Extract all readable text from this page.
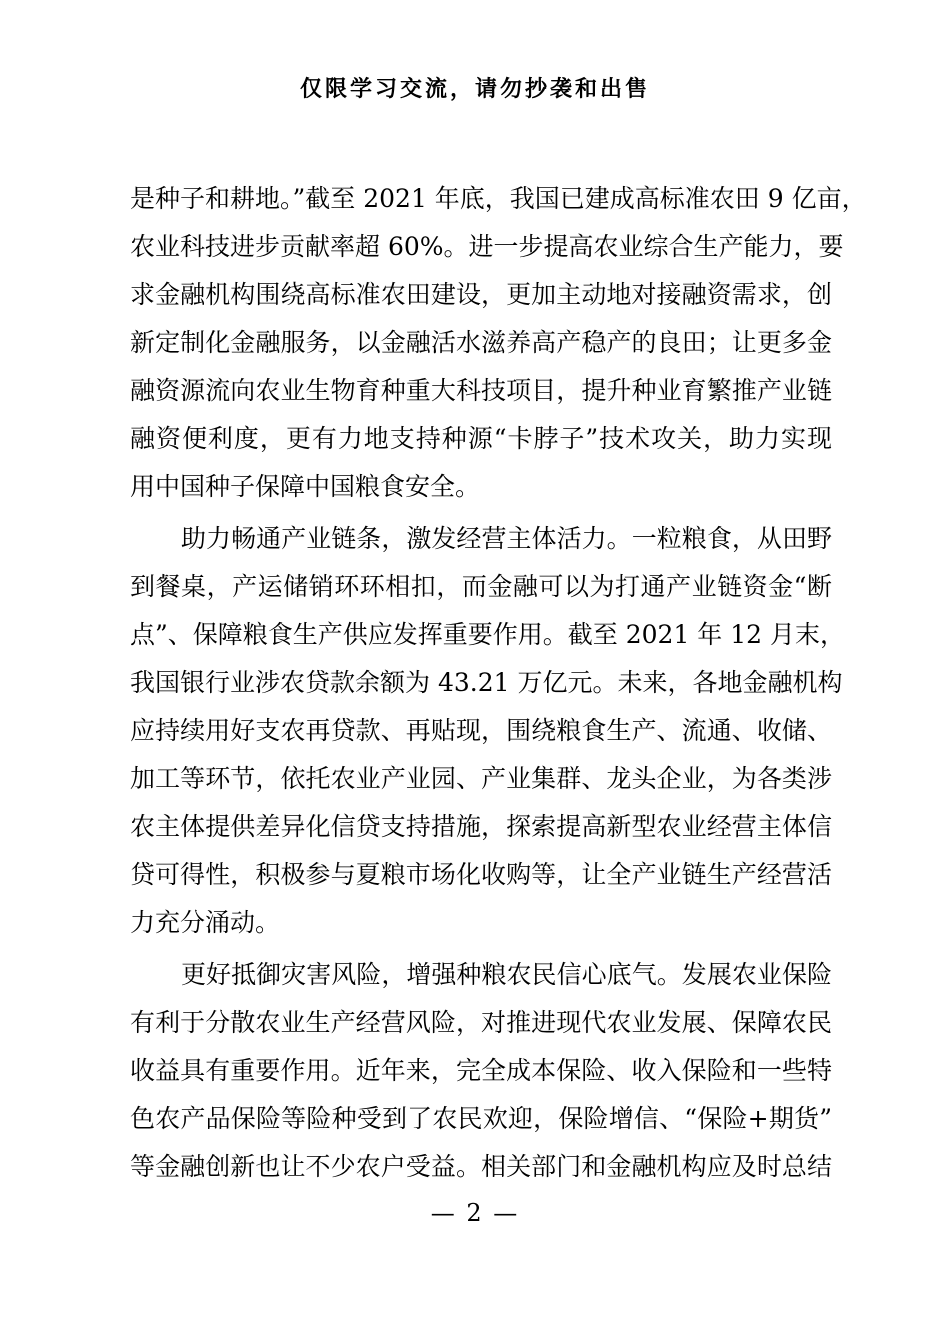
仅限学习交流，请勿抄袭和出售
是种子和耕地。”截至 2021 年底，我国已建成高标准农田 9 亿亩，
农业科技进步贡献率超 60%。进一步提高农业综合生产能力，要
求金融机构围绕高标准农田建设，更加主动地对接融资需求，创
新定制化金融服务，以金融活水滋养高产稳产的良田；让更多金
融资源流向农业生物育种重大科技项目，提升种业育繁推产业链
融资便利度，更有力地支持种源“卡脖子”技术攻关，助力实现
用中国种子保障中国粮食安全。
助力畅通产业链条，激发经营主体活力。一粒粮食，从田野
到餐桌，产运储销环环相扣，而金融可以为打通产业链资金“断
点”、保障粮食生产供应发挥重要作用。截至 2021 年 12 月末，
我国银行业涉农贷款余额为 43.21 万亿元。未来，各地金融机构
应持续用好支农再贷款、再贴现，围绕粮食生产、流通、收储、
加工等环节，依托农业产业园、产业集群、龙头企业，为各类涉
农主体提供差异化信贷支持措施，探索提高新型农业经营主体信
贷可得性，积极参与夏粮市场化收购等，让全产业链生产经营活
力充分涌动。
更好抵御灾害风险，增强种粮农民信心底气。发展农业保险
有利于分散农业生产经营风险，对推进现代农业发展、保障农民
收益具有重要作用。近年来，完全成本保险、收入保险和一些特
色农产品保险等险种受到了农民欢迎，保险增信、“保险+期货”
等金融创新也让不少农户受益。相关部门和金融机构应及时总结
— 2 —
